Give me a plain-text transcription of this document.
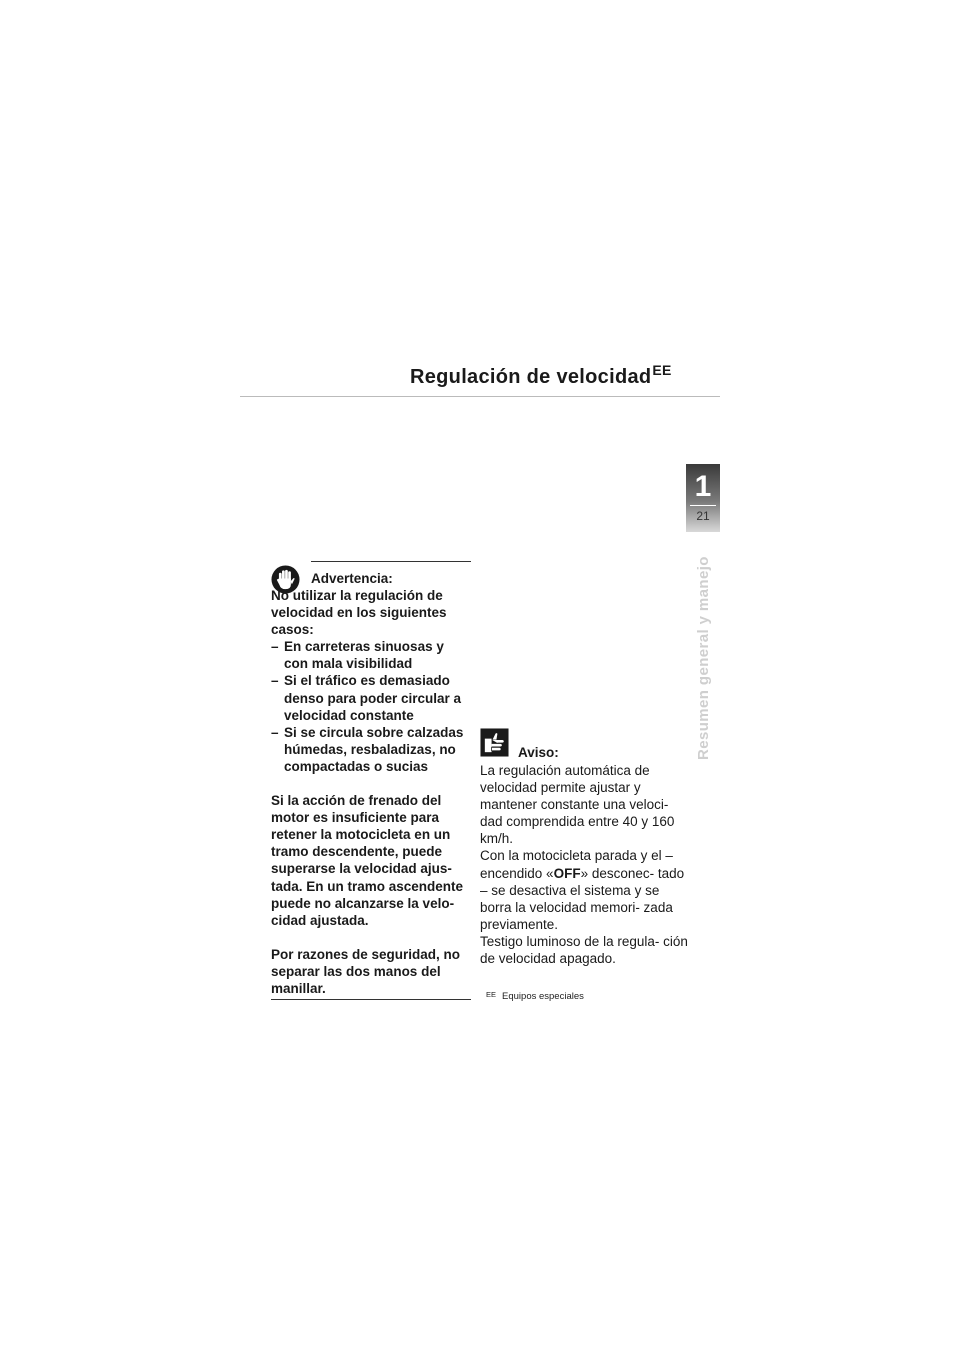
Regulación de velocidad$^{EE}$
1
21
Resumen general y manejo
Advertencia:

No utilizar la regulación de velocidad en los siguientes casos:

– En carreteras sinuosas y con mala visibilidad
– Si el tráfico es demasiado denso para poder circular a velocidad constante
– Si se circula sobre calzadas húmedas, resbaladizas, no compactadas o sucias

Si la acción de frenado del motor es insuficiente para retener la motocicleta en un tramo descendente, puede superarse la velocidad ajus- tada. En un tramo ascendente puede no alcanzarse la velo- cidad ajustada.

Por razones de seguridad, no separar las dos manos del manillar.

Aviso:

La regulación automática de velocidad permite ajustar y mantener constante una veloci- dad comprendida entre 40 y 160 km/h.

Con la motocicleta parada y el – encendido «OFF» desconec- tado – se desactiva el sistema y se borra la velocidad memori- zada previamente.

Testigo luminoso de la regula- ción de velocidad apagado.

$^{EE}$ Equipos especiales
